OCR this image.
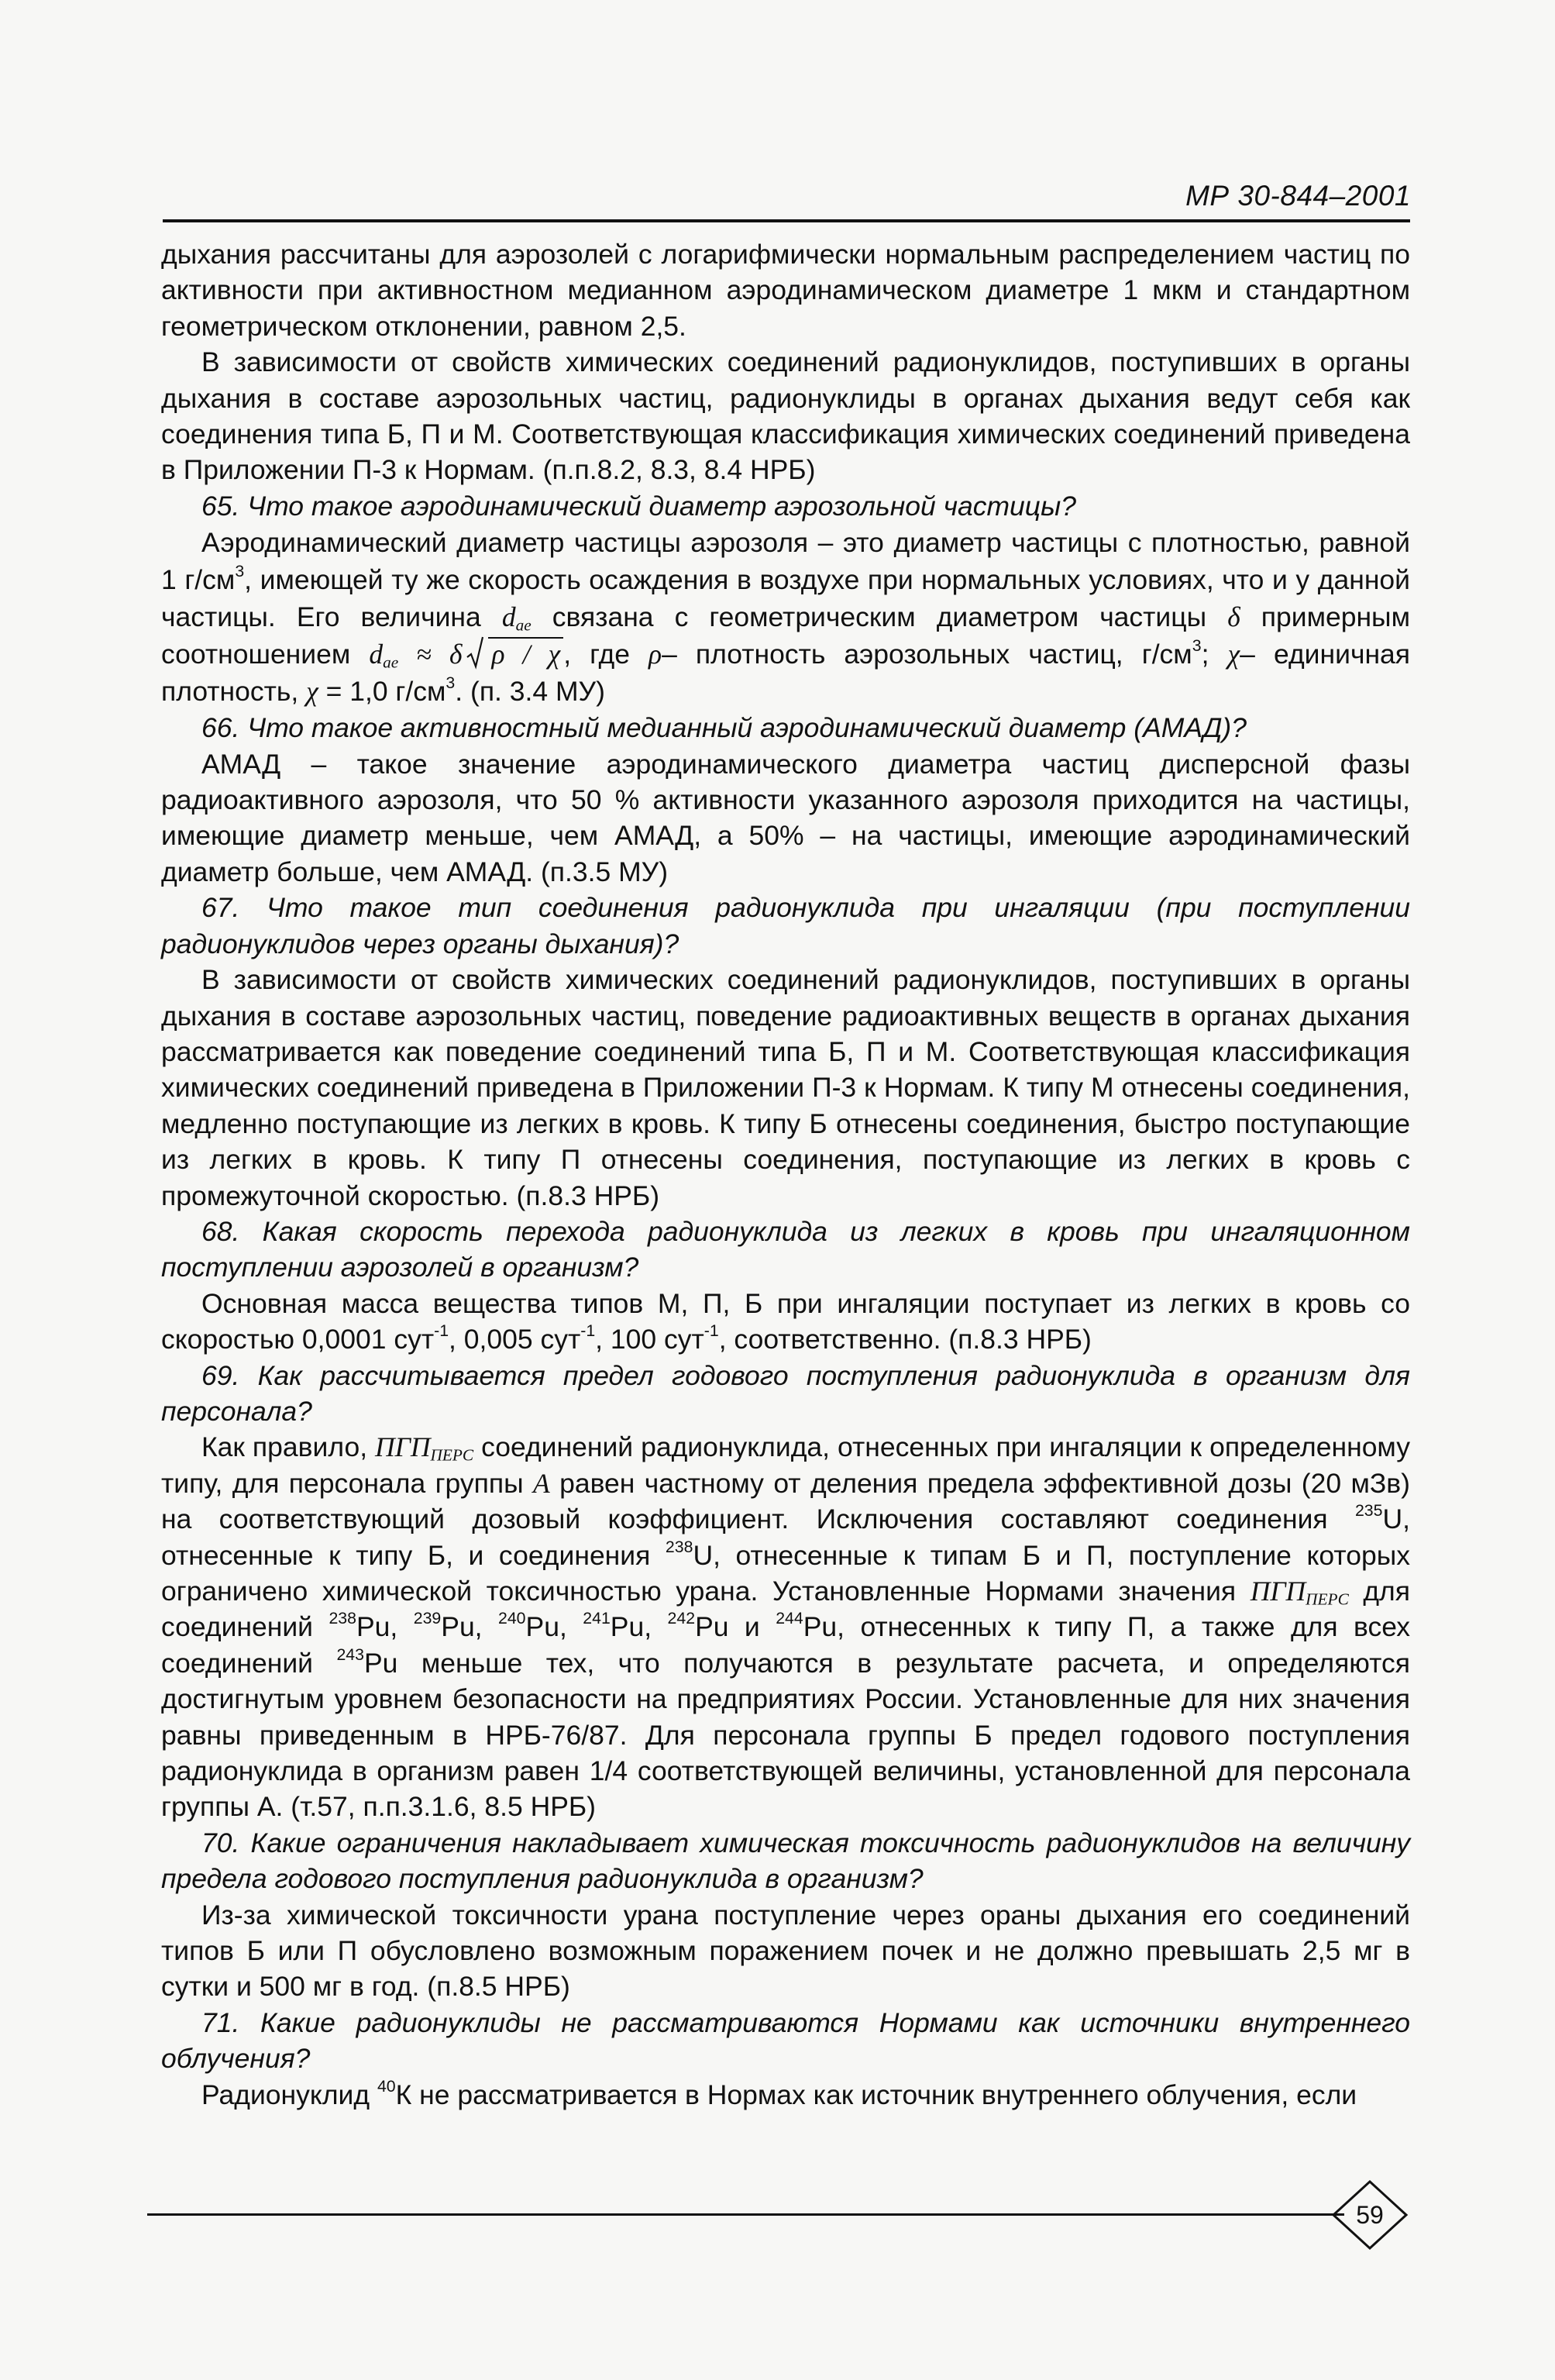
МР 30-844–2001

дыхания рассчитаны для аэрозолей с логарифмически нормальным распределением частиц по активности при активностном медианном аэродинамическом диаметре 1 мкм и стандартном геометрическом отклонении, равном 2,5.

В зависимости от свойств химических соединений радионуклидов, поступивших в органы дыхания в составе аэрозольных частиц, радионуклиды в органах дыхания ведут себя как соединения типа Б, П и М. Соответствующая классификация химических соединений приведена в Приложении П-3 к Нормам. (п.п.8.2, 8.3, 8.4 НРБ)

65. Что такое аэродинамический диаметр аэрозольной частицы?

Аэродинамический диаметр частицы аэрозоля – это диаметр частицы с плотностью, равной 1 $г/см^3$, имеющей ту же скорость осаждения в воздухе при нормальных условиях, что и у данной частицы. Его величина $d_{ae}$ связана с геометрическим диаметром частицы δ примерным соотношением $d_{ae} \approx \delta$ ρ / χ , где ρ– плотность аэрозольных частиц, $г/см^3$; χ– единичная плотность, χ = 1,0 $г/см^3$. (п. 3.4 МУ)

66. Что такое активностный медианный аэродинамический диаметр (АМАД)?

АМАД – такое значение аэродинамического диаметра частиц дисперсной фазы радиоактивного аэрозоля, что 50 % активности указанного аэрозоля приходится на частицы, имеющие диаметр меньше, чем АМАД, а 50% – на частицы, имеющие аэродинамический диаметр больше, чем АМАД. (п.3.5 МУ)

67. Что такое тип соединения радионуклида при ингаляции (при поступлении радионуклидов через органы дыхания)?

В зависимости от свойств химических соединений радионуклидов, поступивших в органы дыхания в составе аэрозольных частиц, поведение радиоактивных веществ в органах дыхания рассматривается как поведение соединений типа Б, П и М. Соответствующая классификация химических соединений приведена в Приложении П-3 к Нормам. К типу М отнесены соединения, медленно поступающие из легких в кровь. К типу Б отнесены соединения, быстро поступающие из легких в кровь. К типу П отнесены соединения, поступающие из легких в кровь с промежуточной скоростью. (п.8.3 НРБ)

68. Какая скорость перехода радионуклида из легких в кровь при ингаляционном поступлении аэрозолей в организм?

Основная масса вещества типов М, П, Б при ингаляции поступает из легких в кровь со скоростью 0,0001 сут$^{-1}$, 0,005 сут$^{-1}$, 100 сут$^{-1}$, соответственно. (п.8.3 НРБ)

69. Как рассчитывается предел годового поступления радионуклида в организм для персонала?

Как правило, $ПГП_{ПЕРС}$ соединений радионуклида, отнесенных при ингаляции к определенному типу, для персонала группы А равен частному от деления предела эффективной дозы (20 мЗв) на соответствующий дозовый коэффициент. Исключения составляют соединения $^{235}$U, отнесенные к типу Б, и соединения $^{238}$U, отнесенные к типам Б и П, поступление которых ограничено химической токсичностью урана. Установленные Нормами значения $ПГП_{ПЕРС}$ для соединений $^{238}$Pu, $^{239}$Pu, $^{240}$Pu, $^{241}$Pu, $^{242}$Pu и $^{244}$Pu, отнесенных к типу П, а также для всех соединений $^{243}$Pu меньше тех, что получаются в результате расчета, и определяются достигнутым уровнем безопасности на предприятиях России. Установленные для них значения равны приведенным в НРБ-76/87. Для персонала группы Б предел годового поступления радионуклида в организм равен 1/4 соответствующей величины, установленной для персонала группы А. (т.57, п.п.3.1.6, 8.5 НРБ)

70. Какие ограничения накладывает химическая токсичность радионуклидов на величину предела годового поступления радионуклида в организм?

Из-за химической токсичности урана поступление через ораны дыхания его соединений типов Б или П обусловлено возможным поражением почек и не должно превышать 2,5 мг в сутки и 500 мг в год. (п.8.5 НРБ)

71. Какие радионуклиды не рассматриваются Нормами как источники внутреннего облучения?

Радионуклид $^{40}$К не рассматривается в Нормах как источник внутреннего облучения, если

59
